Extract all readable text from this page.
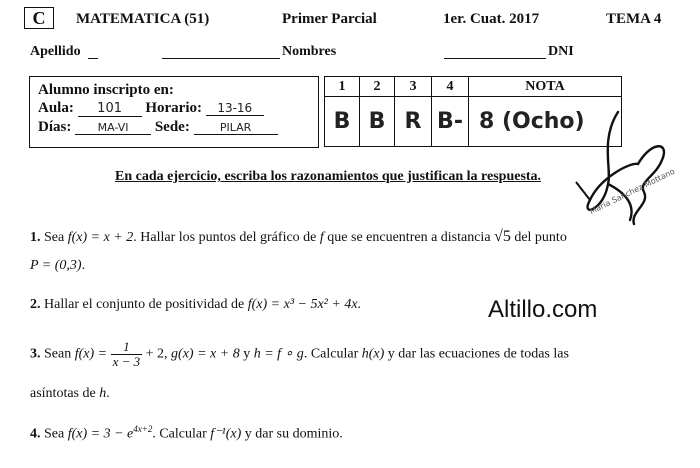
C MATEMATICA (51)	Primer Parcial	1er. Cuat. 2017	TEMA 4
Apellido	Nombres	DNI
Alumno inscripto en:
Aula: 101 Horario: 13-16
Días: MA-VI Sede:	PILAR
1	2	3	4	NOTA
B	B	R	B-	8 (Ocho)
Maria Sanchez Mottano
En cada ejercicio, escriba los razonamientos que justifican la respuesta.
1. Sea f(x) = x + 2. Hallar los puntos del gráfico de f que se encuentren a distancia √5 del punto
P = (0,3).
2. Hallar el conjunto de positividad de f(x) = x³ − 5x² + 4x.	Altillo.com
3. Sean $f(x) = \frac{1}{x - 3} + 2$, g(x) = x + 8 y h = f ∘ g. Calcular h(x) y dar las ecuaciones de todas las
asíntotas de h.
4. Sea $f(x) = 3 - e^{4x+2}$. Calcular f⁻¹(x) y dar su dominio.
